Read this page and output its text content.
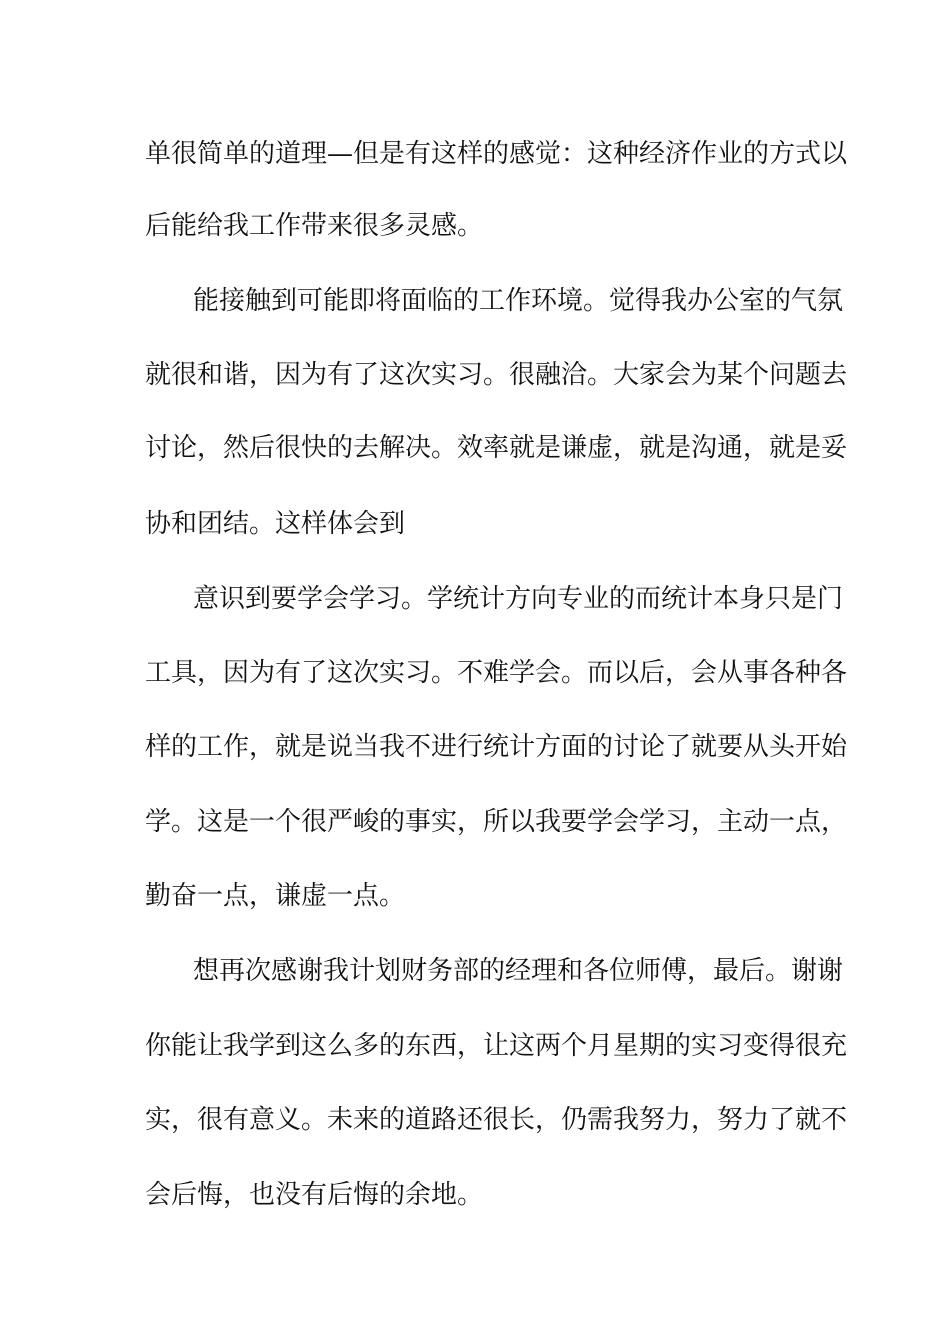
单很简单的道理—但是有这样的感觉：这种经济作业的方式以
后能给我工作带来很多灵感。
能接触到可能即将面临的工作环境。觉得我办公室的气氛
就很和谐，因为有了这次实习。很融洽。大家会为某个问题去
讨论，然后很快的去解决。效率就是谦虚，就是沟通，就是妥
协和团结。这样体会到
意识到要学会学习。学统计方向专业的而统计本身只是门
工具，因为有了这次实习。不难学会。而以后，会从事各种各
样的工作，就是说当我不进行统计方面的讨论了就要从头开始
学。这是一个很严峻的事实，所以我要学会学习，主动一点，
勤奋一点，谦虚一点。
想再次感谢我计划财务部的经理和各位师傅，最后。谢谢
你能让我学到这么多的东西，让这两个月星期的实习变得很充
实，很有意义。未来的道路还很长，仍需我努力，努力了就不
会后悔，也没有后悔的余地。
